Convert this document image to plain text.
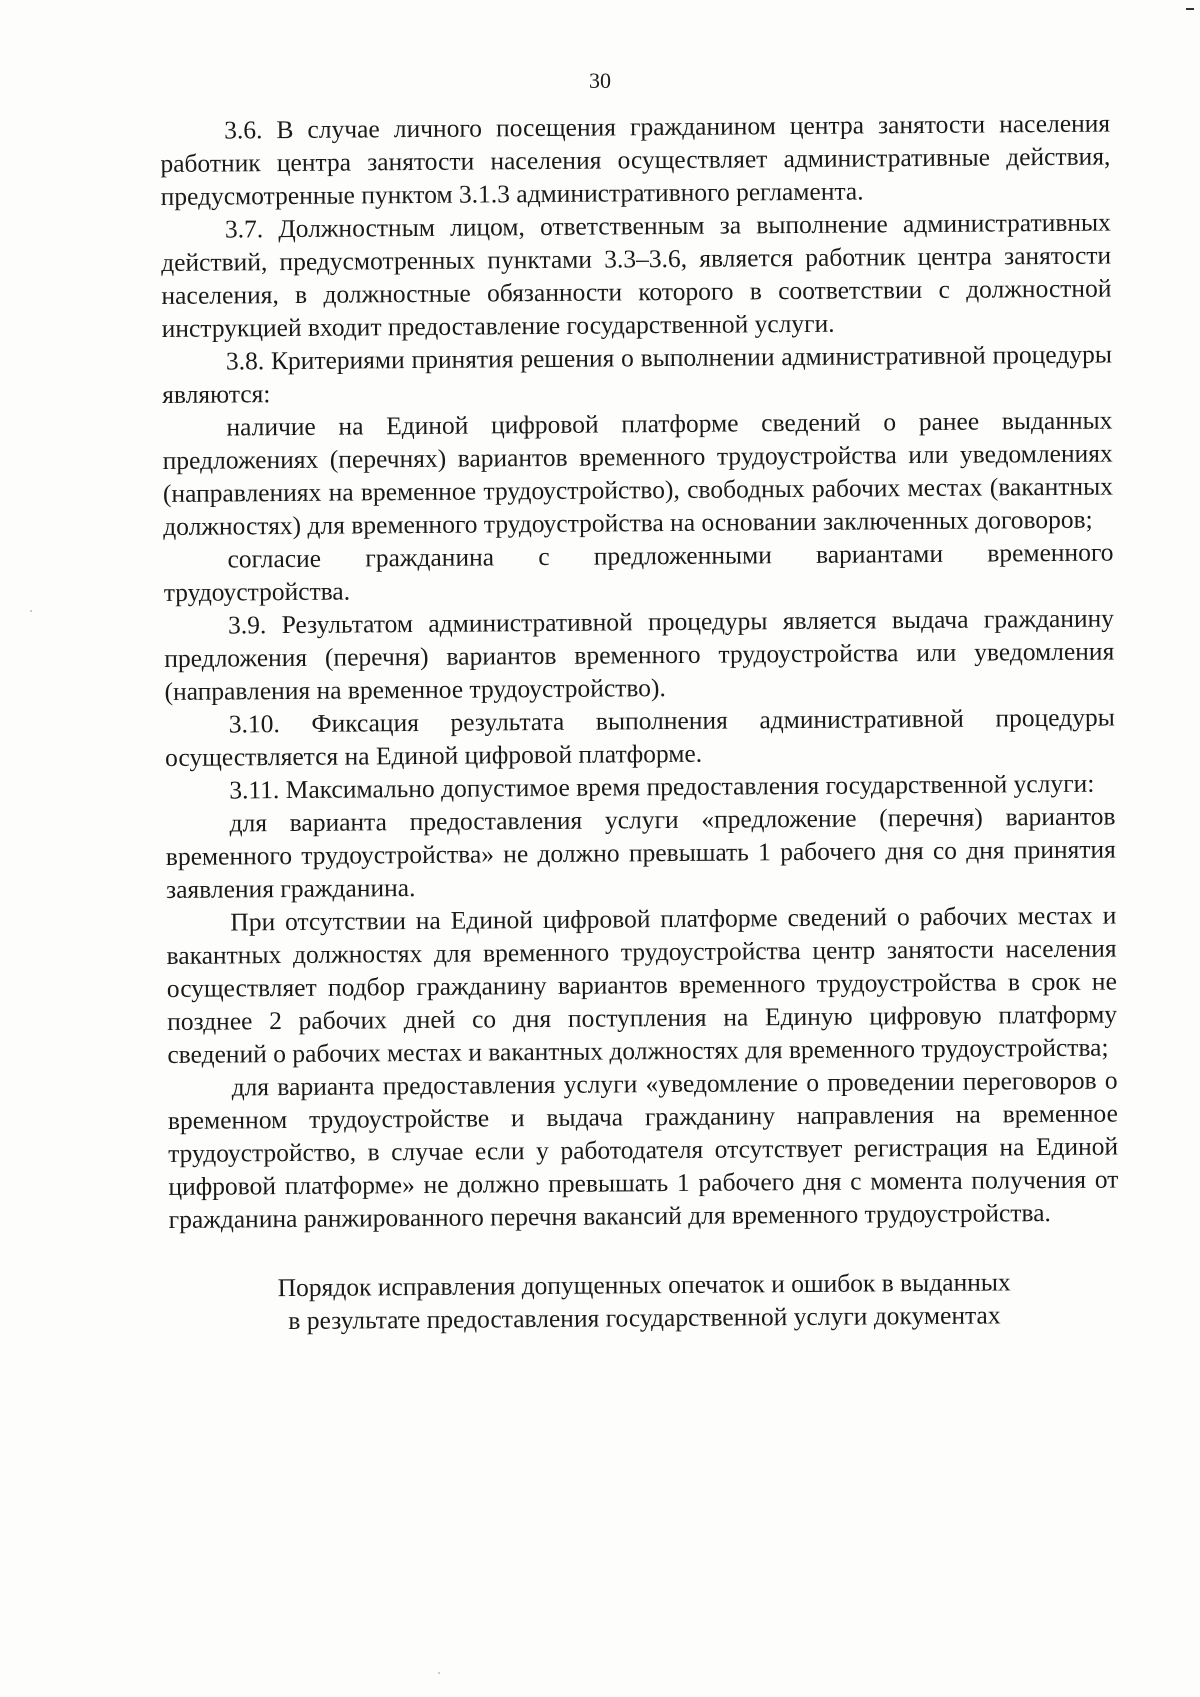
30

3.6. В случае личного посещения гражданином центра занятости населения работник центра занятости населения осуществляет административные действия, предусмотренные пунктом 3.1.3 административного регламента.

3.7. Должностным лицом, ответственным за выполнение административных действий, предусмотренных пунктами 3.3–3.6, является работник центра занятости населения, в должностные обязанности которого в соответствии с должностной инструкцией входит предоставление государственной услуги.

3.8. Критериями принятия решения о выполнении административной процедуры являются:

наличие на Единой цифровой платформе сведений о ранее выданных предложениях (перечнях) вариантов временного трудоустройства или уведомлениях (направлениях на временное трудоустройство), свободных рабочих местах (вакантных должностях) для временного трудоустройства на основании заключенных договоров;

согласие гражданина с предложенными вариантами временного трудоустройства.

3.9. Результатом административной процедуры является выдача гражданину предложения (перечня) вариантов временного трудоустройства или уведомления (направления на временное трудоустройство).

3.10. Фиксация результата выполнения административной процедуры осуществляется на Единой цифровой платформе.

3.11. Максимально допустимое время предоставления государственной услуги:

для варианта предоставления услуги «предложение (перечня) вариантов временного трудоустройства» не должно превышать 1 рабочего дня со дня принятия заявления гражданина.

При отсутствии на Единой цифровой платформе сведений о рабочих местах и вакантных должностях для временного трудоустройства центр занятости населения осуществляет подбор гражданину вариантов временного трудоустройства в срок не позднее 2 рабочих дней со дня поступления на Единую цифровую платформу сведений о рабочих местах и вакантных должностях для временного трудоустройства;

для варианта предоставления услуги «уведомление о проведении переговоров о временном трудоустройстве и выдача гражданину направления на временное трудоустройство, в случае если у работодателя отсутствует регистрация на Единой цифровой платформе» не должно превышать 1 рабочего дня с момента получения от гражданина ранжированного перечня вакансий для временного трудоустройства.

Порядок исправления допущенных опечаток и ошибок в выданных

в результате предоставления государственной услуги документах
